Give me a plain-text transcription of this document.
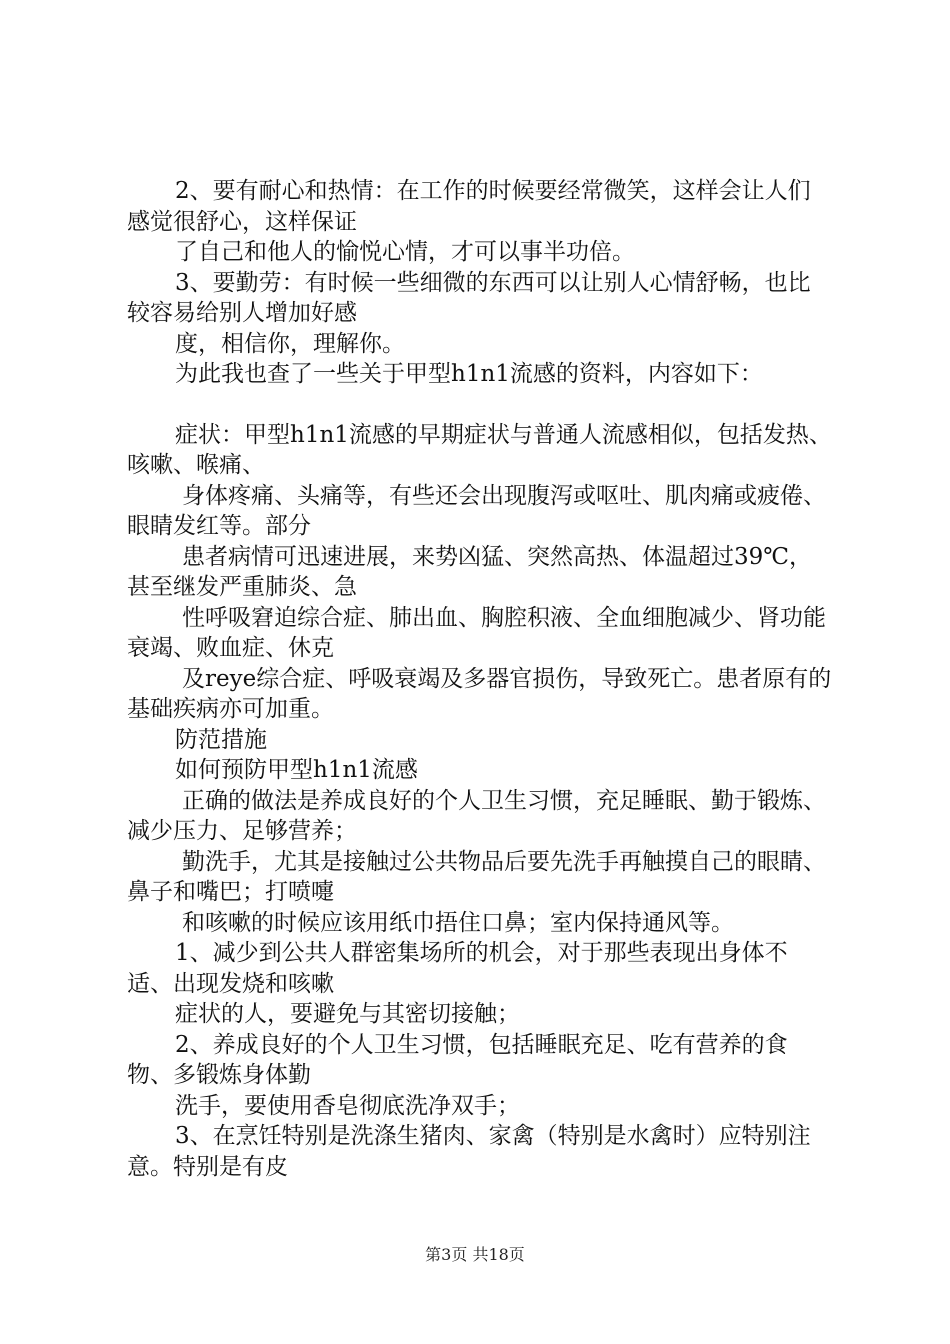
2、要有耐心和热情：在工作的时候要经常微笑，这样会让人们感觉很舒心，这样保证

了自己和他人的愉悦心情，才可以事半功倍。

3、要勤劳：有时候一些细微的东西可以让别人心情舒畅，也比较容易给别人增加好感

度，相信你，理解你。

为此我也查了一些关于甲型h1n1流感的资料，内容如下：

症状：甲型h1n1流感的早期症状与普通人流感相似，包括发热、咳嗽、喉痛、

身体疼痛、头痛等，有些还会出现腹泻或呕吐、肌肉痛或疲倦、眼睛发红等。部分

患者病情可迅速进展，来势凶猛、突然高热、体温超过39℃，甚至继发严重肺炎、急

性呼吸窘迫综合症、肺出血、胸腔积液、全血细胞减少、肾功能衰竭、败血症、休克

及reye综合症、呼吸衰竭及多器官损伤，导致死亡。患者原有的基础疾病亦可加重。

防范措施

如何预防甲型h1n1流感

正确的做法是养成良好的个人卫生习惯，充足睡眠、勤于锻炼、减少压力、足够营养；

勤洗手，尤其是接触过公共物品后要先洗手再触摸自己的眼睛、鼻子和嘴巴；打喷嚏

和咳嗽的时候应该用纸巾捂住口鼻；室内保持通风等。

1、减少到公共人群密集场所的机会，对于那些表现出身体不适、出现发烧和咳嗽

症状的人，要避免与其密切接触；

2、养成良好的个人卫生习惯，包括睡眠充足、吃有营养的食物、多锻炼身体勤

洗手，要使用香皂彻底洗净双手；

3、在烹饪特别是洗涤生猪肉、家禽（特别是水禽时）应特别注意。特别是有皮

第3页 共18页
